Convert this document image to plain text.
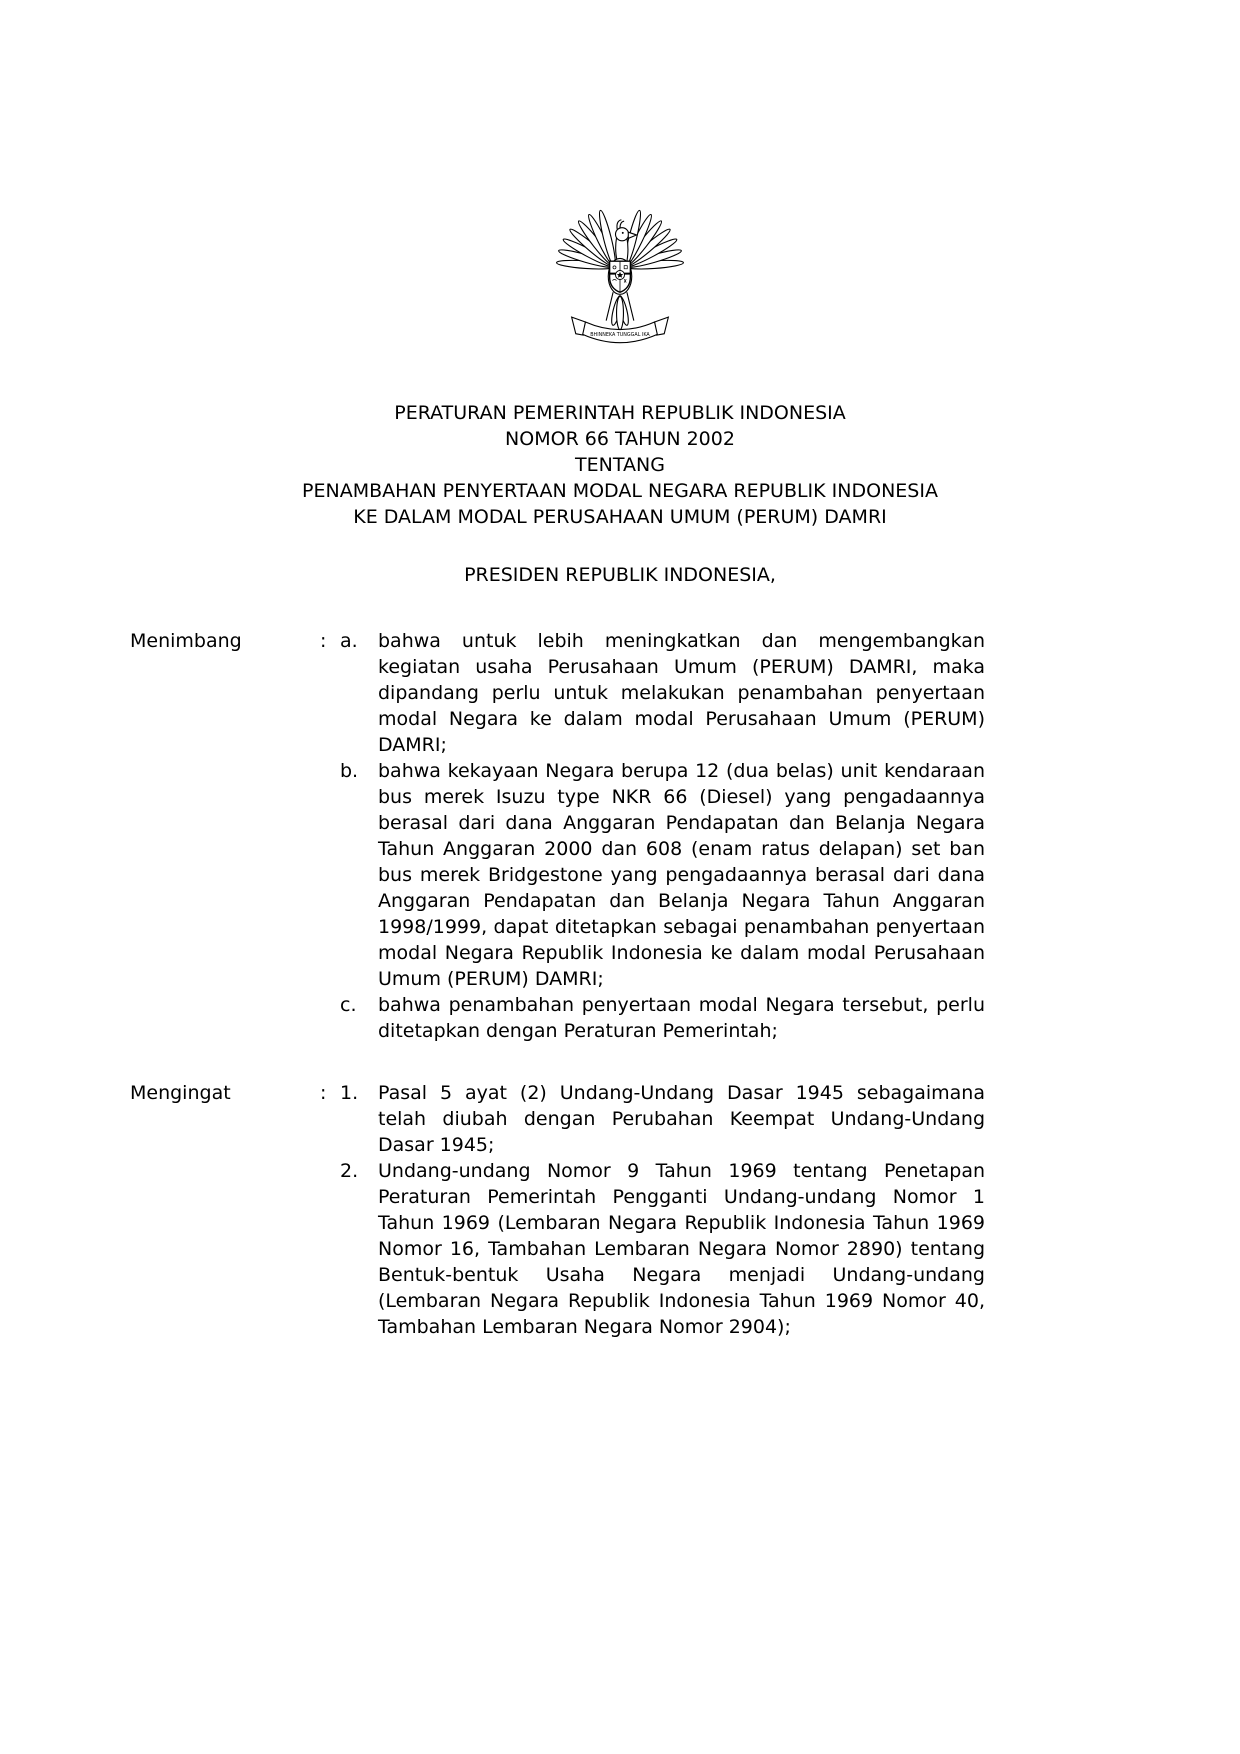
BHINNEKA TUNGGAL IKA
PERATURAN PEMERINTAH REPUBLIK INDONESIA
NOMOR 66 TAHUN 2002
TENTANG
PENAMBAHAN PENYERTAAN MODAL NEGARA REPUBLIK INDONESIA
KE DALAM MODAL PERUSAHAAN UMUM (PERUM) DAMRI
PRESIDEN REPUBLIK INDONESIA,
Menimbang	: a.	bahwa untuk lebih meningkatkan dan mengembangkan kegiatan usaha Perusahaan Umum (PERUM) DAMRI, maka dipandang perlu untuk melakukan penambahan penyertaan modal Negara ke dalam modal Perusahaan Umum (PERUM) DAMRI;
b.	bahwa kekayaan Negara berupa 12 (dua belas) unit kendaraan bus merek Isuzu type NKR 66 (Diesel) yang pengadaannya berasal dari dana Anggaran Pendapatan dan Belanja Negara Tahun Anggaran 2000 dan 608 (enam ratus delapan) set ban bus merek Bridgestone yang pengadaannya berasal dari dana Anggaran Pendapatan dan Belanja Negara Tahun Anggaran 1998/1999, dapat ditetapkan sebagai penambahan penyertaan modal Negara Republik Indonesia ke dalam modal Perusahaan Umum (PERUM) DAMRI;
c.	bahwa penambahan penyertaan modal Negara tersebut, perlu ditetapkan dengan Peraturan Pemerintah;
Mengingat	: 1.	Pasal 5 ayat (2) Undang-Undang Dasar 1945 sebagaimana telah diubah dengan Perubahan Keempat Undang-Undang Dasar 1945;
2.	Undang-undang Nomor 9 Tahun 1969 tentang Penetapan Peraturan Pemerintah Pengganti Undang-undang Nomor 1 Tahun 1969 (Lembaran Negara Republik Indonesia Tahun 1969 Nomor 16, Tambahan Lembaran Negara Nomor 2890) tentang Bentuk-bentuk Usaha Negara menjadi Undang-undang (Lembaran Negara Republik Indonesia Tahun 1969 Nomor 40, Tambahan Lembaran Negara Nomor 2904);
